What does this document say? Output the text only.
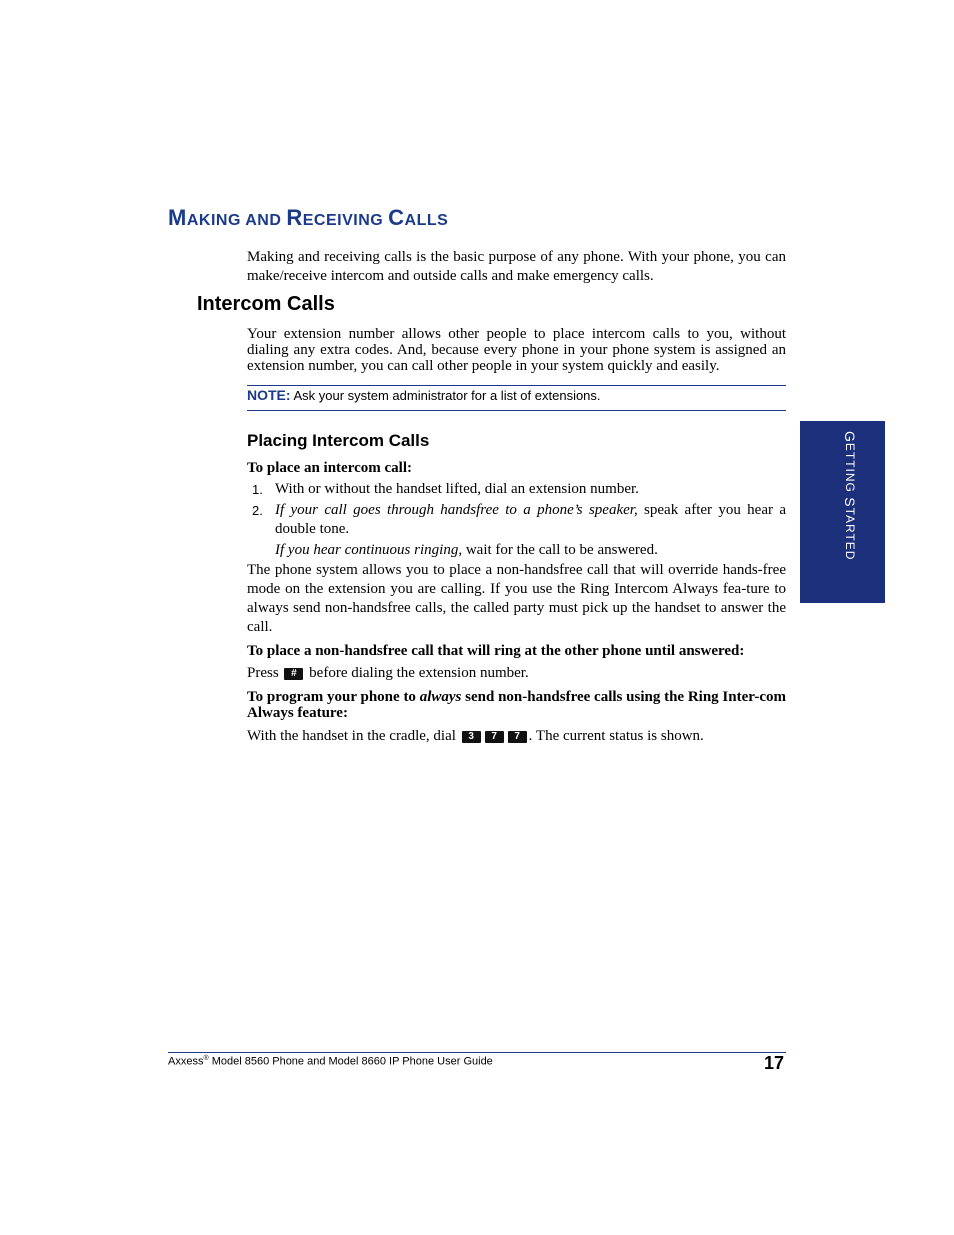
MAKING AND RECEIVING CALLS
Making and receiving calls is the basic purpose of any phone. With your phone, you can make/receive intercom and outside calls and make emergency calls.
Intercom Calls
Your extension number allows other people to place intercom calls to you, without dialing any extra codes. And, because every phone in your phone system is assigned an extension number, you can call other people in your system quickly and easily.
NOTE: Ask your system administrator for a list of extensions.
Placing Intercom Calls
To place an intercom call:
1. With or without the handset lifted, dial an extension number.
2. If your call goes through handsfree to a phone’s speaker, speak after you hear a double tone.
If you hear continuous ringing, wait for the call to be answered.
The phone system allows you to place a non-handsfree call that will override hands-free mode on the extension you are calling. If you use the Ring Intercom Always fea-ture to always send non-handsfree calls, the called party must pick up the handset to answer the call.
To place a non-handsfree call that will ring at the other phone until answered:
Press # before dialing the extension number.
To program your phone to always send non-handsfree calls using the Ring Inter-com Always feature:
With the handset in the cradle, dial 3 7 7 . The current status is shown.
GETTING STARTED
Axxess® Model 8560 Phone and Model 8660 IP Phone User Guide	17
